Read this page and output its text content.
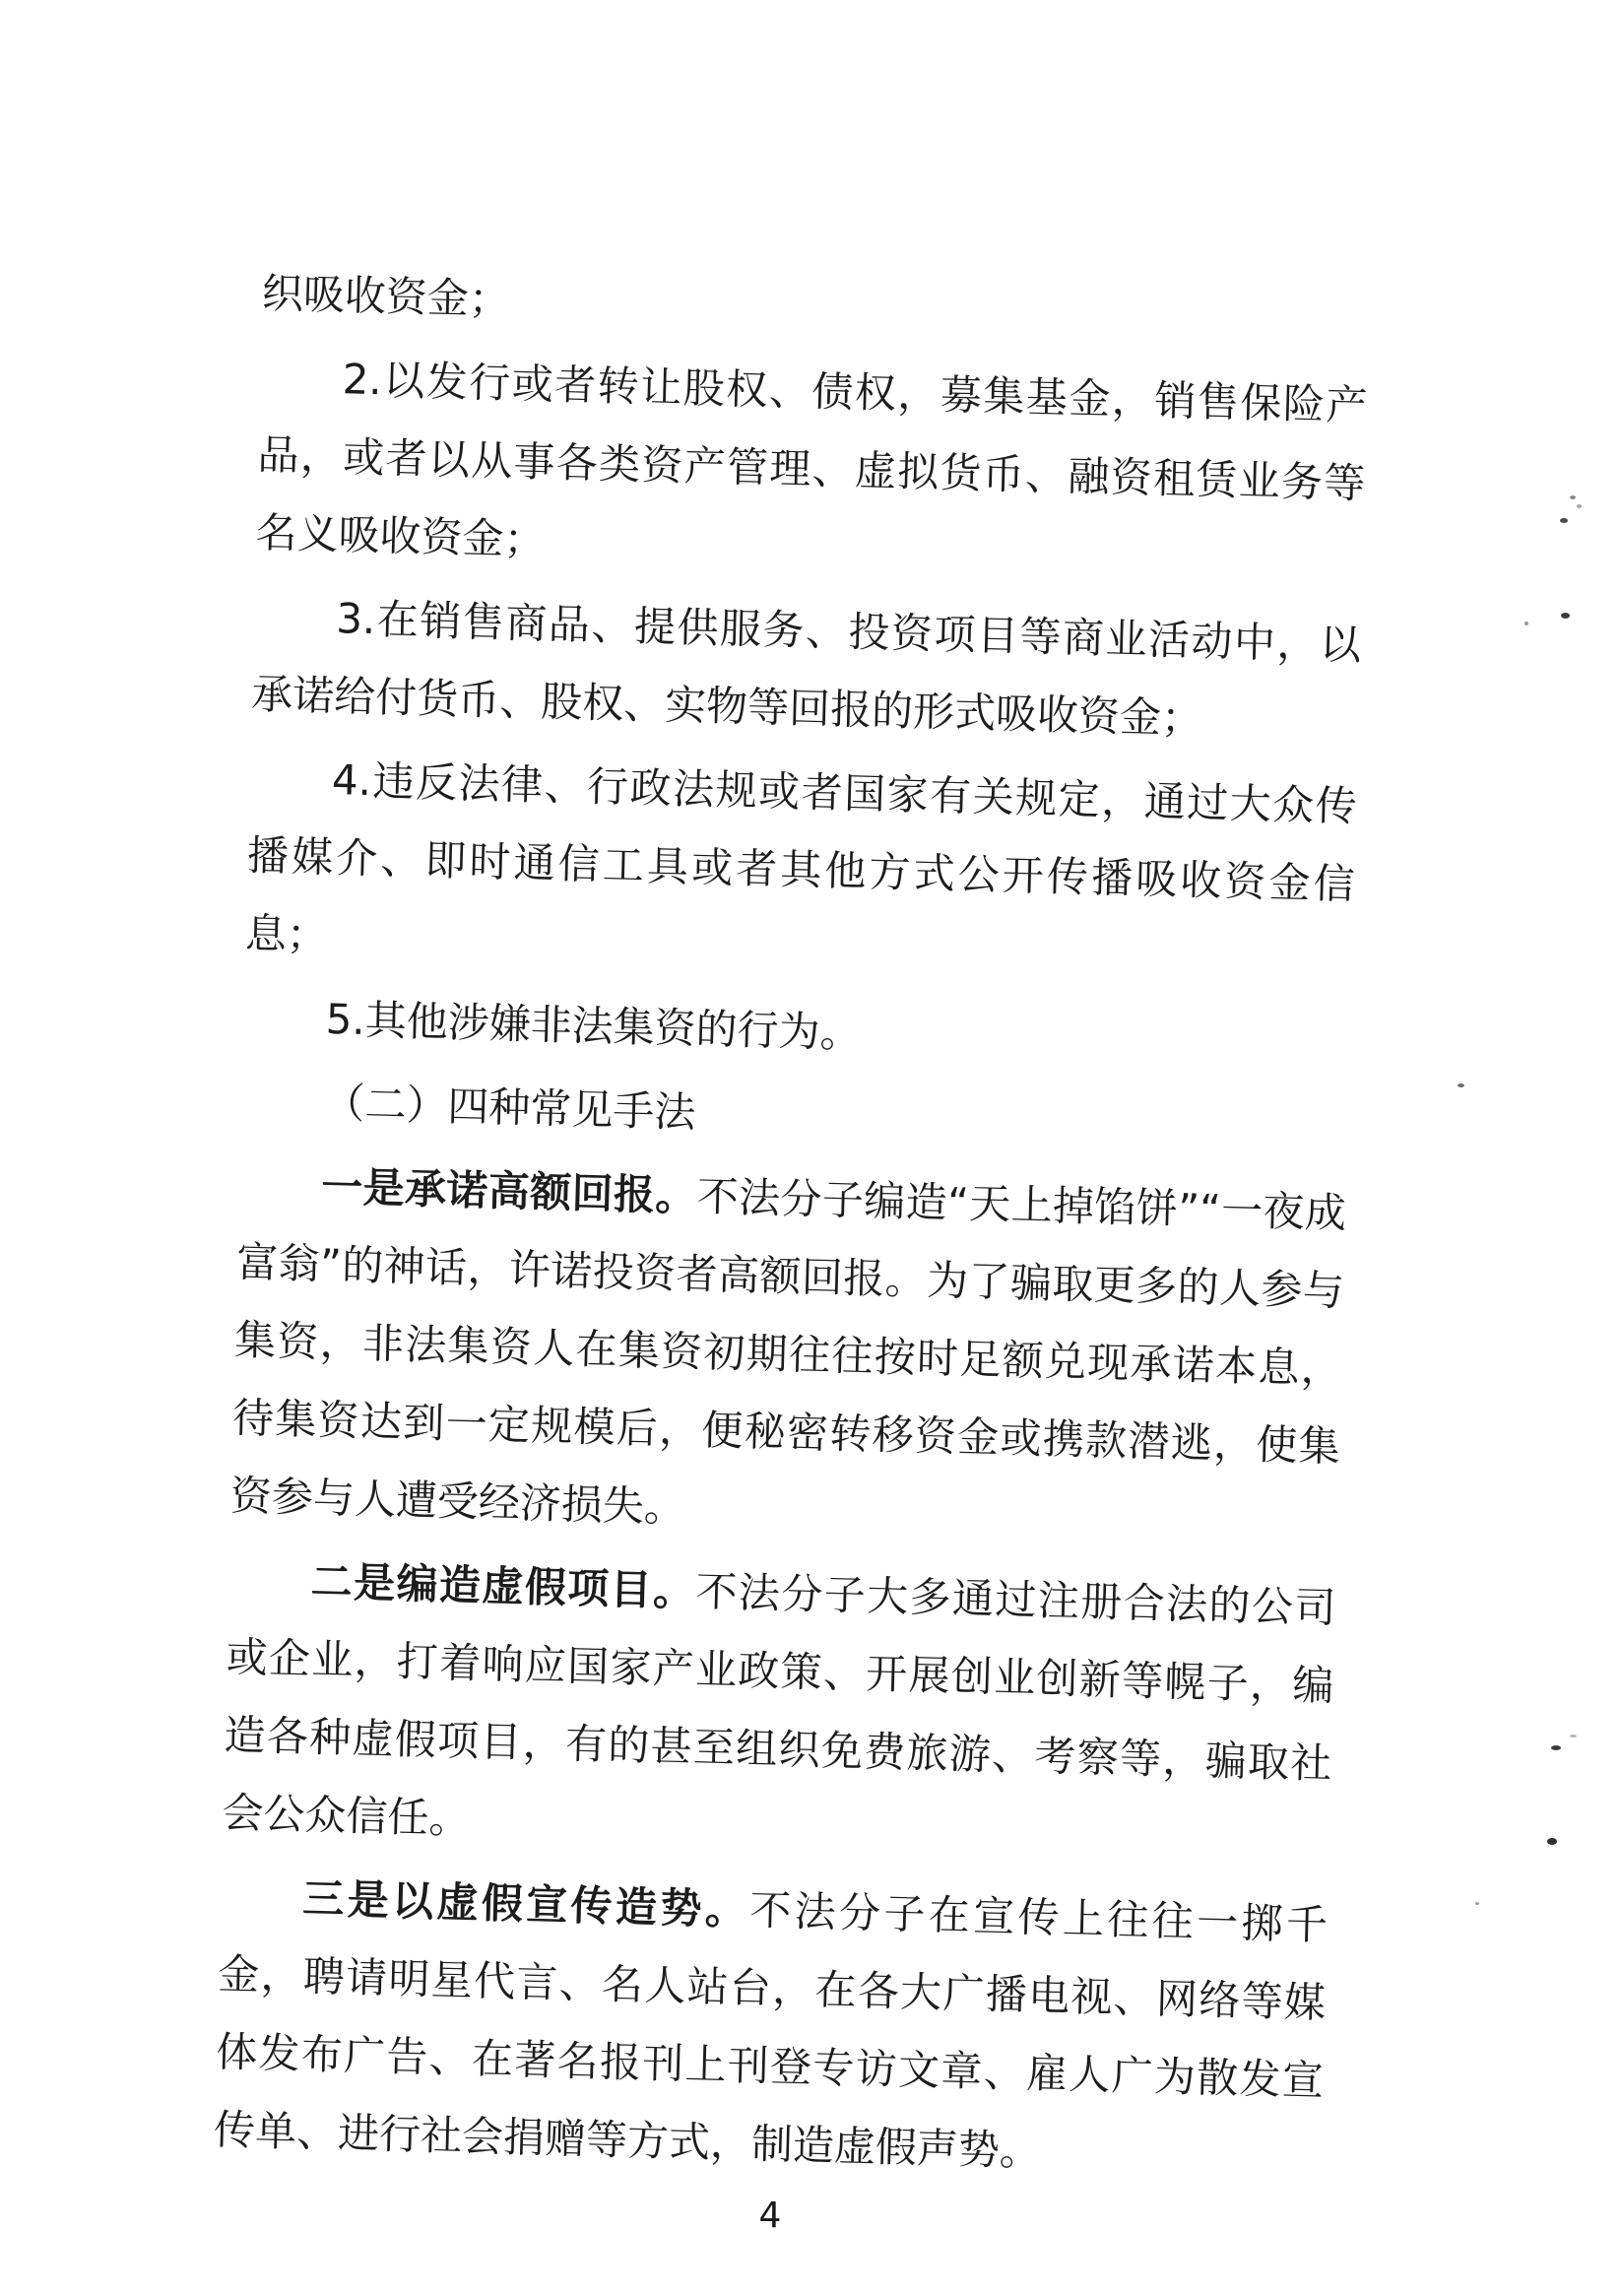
织吸收资金；
2.以发行或者转让股权、债权，募集基金，销售保险产
品，或者以从事各类资产管理、虚拟货币、融资租赁业务等
名义吸收资金；
3.在销售商品、提供服务、投资项目等商业活动中，以
承诺给付货币、股权、实物等回报的形式吸收资金；
4.违反法律、行政法规或者国家有关规定，通过大众传
播媒介、即时通信工具或者其他方式公开传播吸收资金信
息；
5.其他涉嫌非法集资的行为。
（二）四种常见手法
一是承诺高额回报。不法分子编造“天上掉馅饼”“一夜成
富翁”的神话，许诺投资者高额回报。为了骗取更多的人参与
集资，非法集资人在集资初期往往按时足额兑现承诺本息，
待集资达到一定规模后，便秘密转移资金或携款潜逃，使集
资参与人遭受经济损失。
二是编造虚假项目。不法分子大多通过注册合法的公司
或企业，打着响应国家产业政策、开展创业创新等幌子，编
造各种虚假项目，有的甚至组织免费旅游、考察等，骗取社
会公众信任。
三是以虚假宣传造势。不法分子在宣传上往往一掷千
金，聘请明星代言、名人站台，在各大广播电视、网络等媒
体发布广告、在著名报刊上刊登专访文章、雇人广为散发宣
传单、进行社会捐赠等方式，制造虚假声势。
4
